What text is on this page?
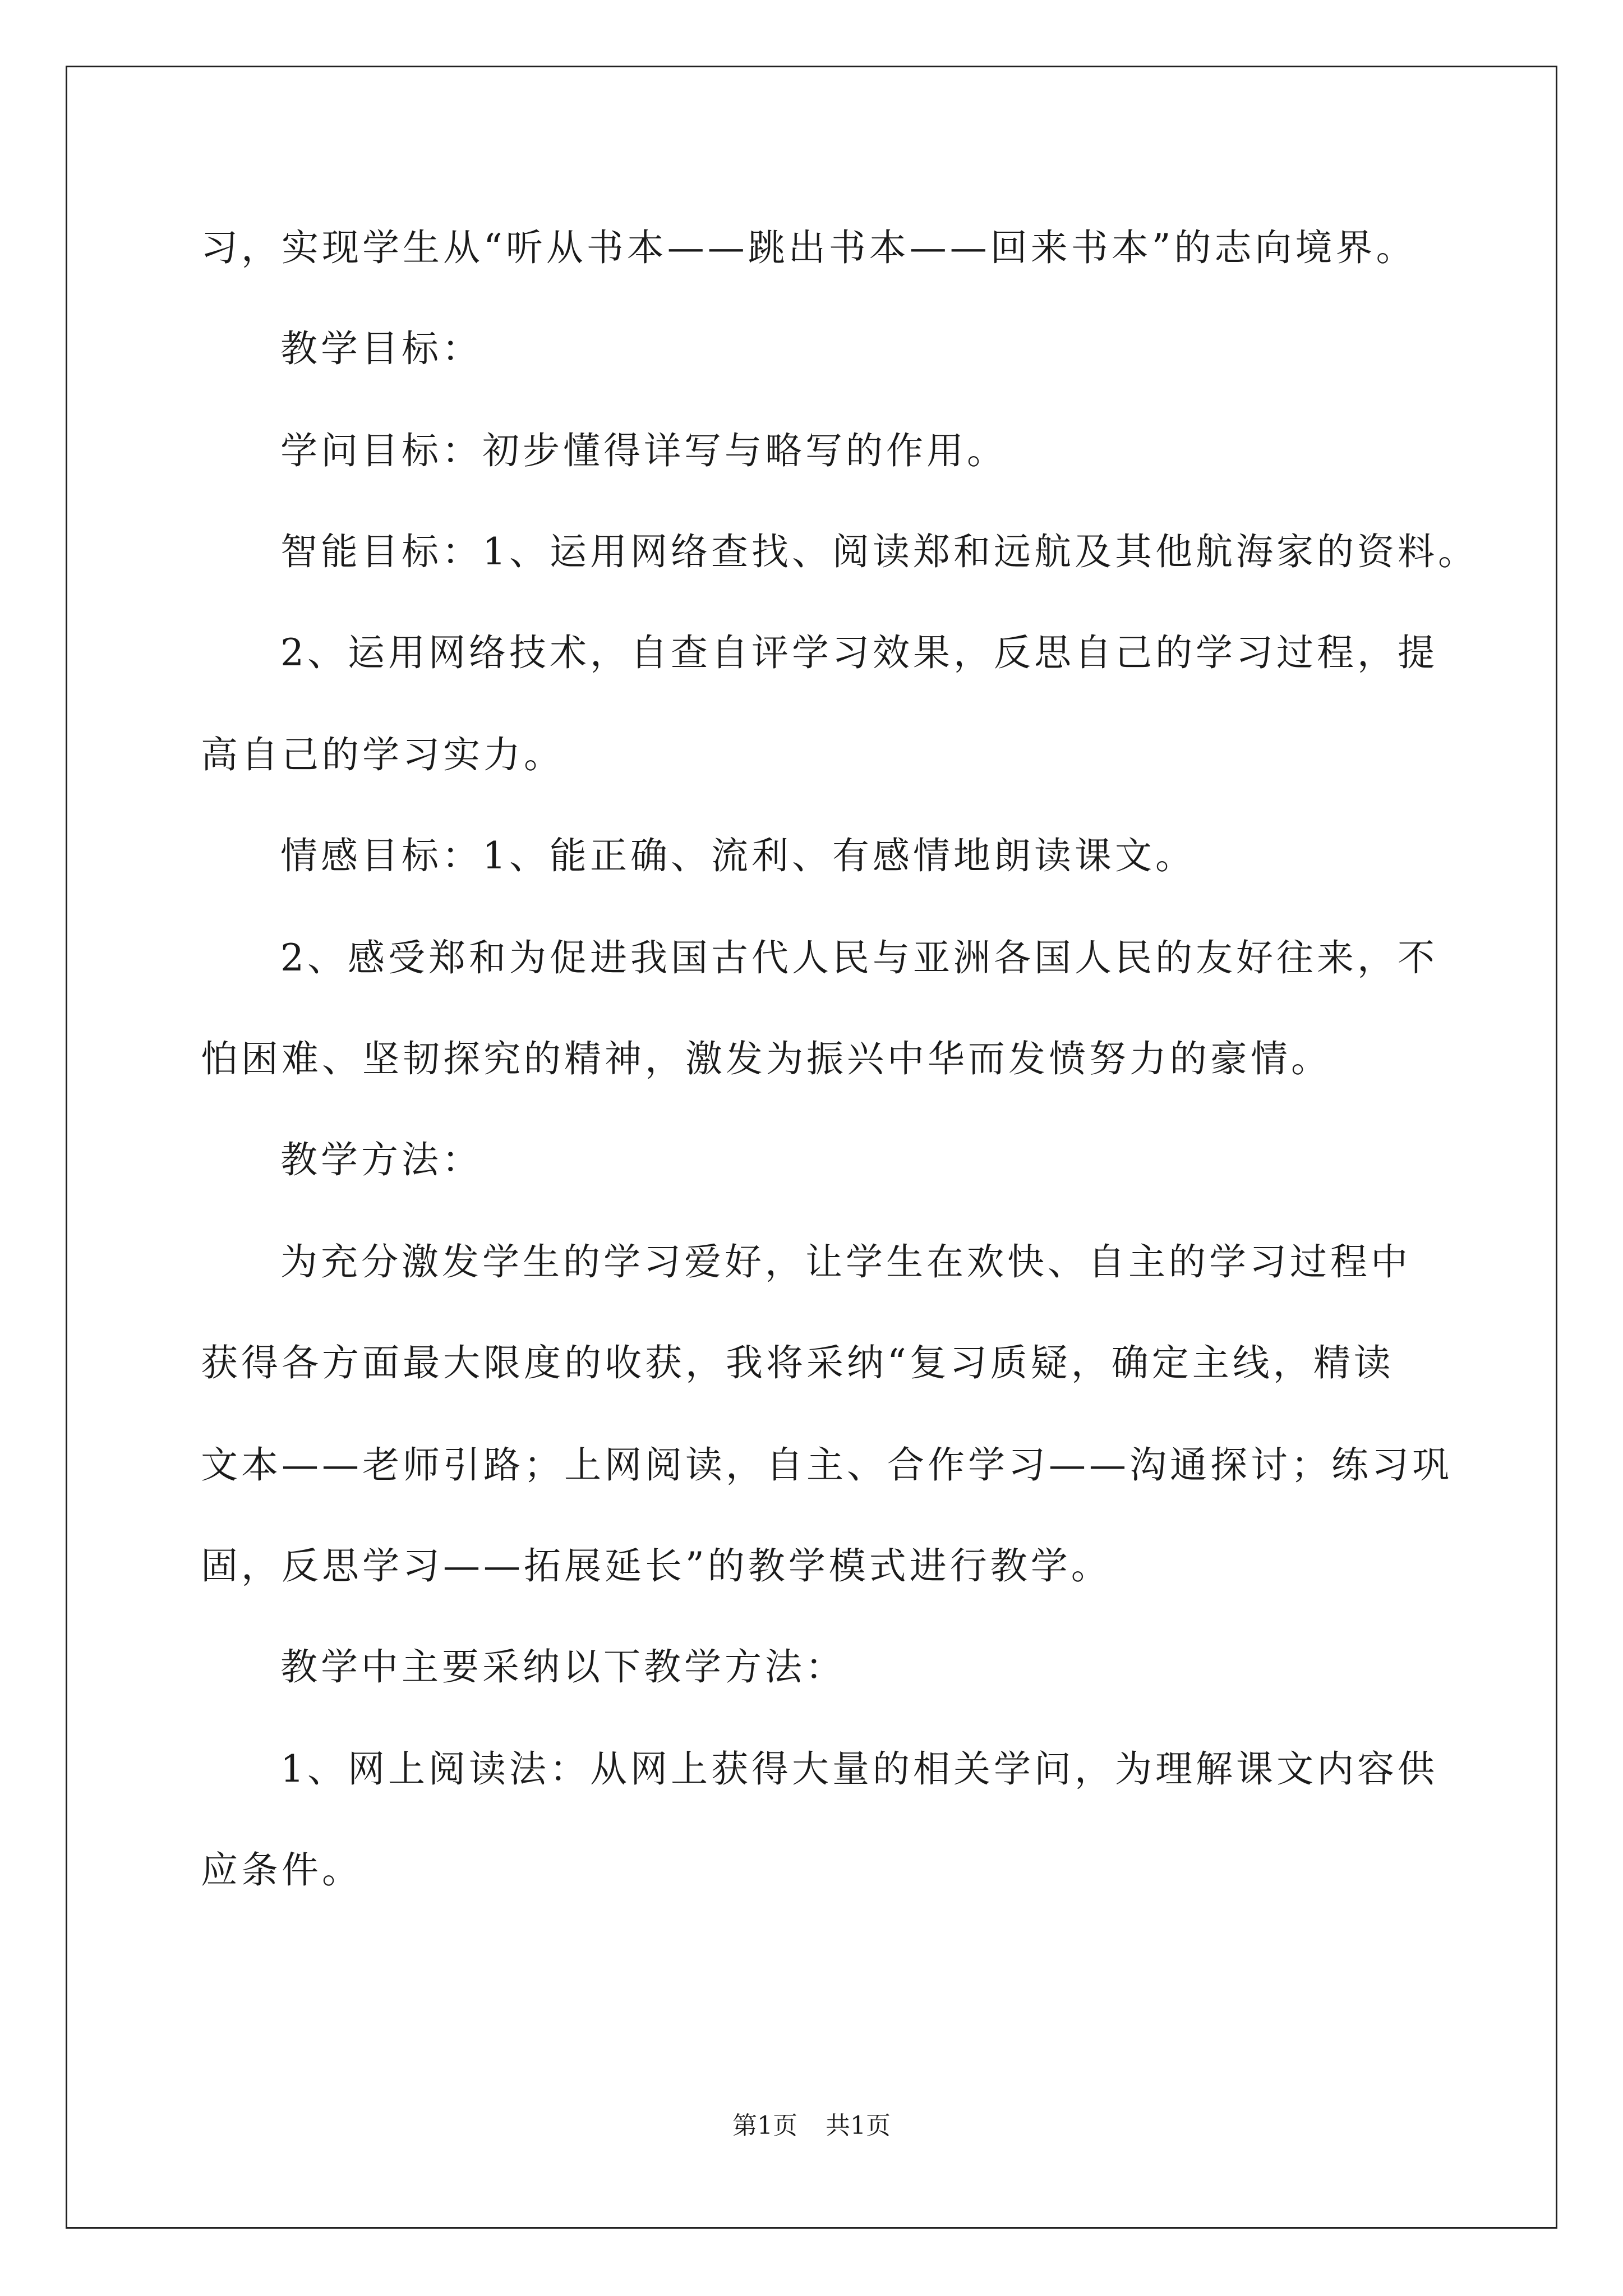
习，实现学生从“听从书本——跳出书本——回来书本”的志向境界。
教学目标：
学问目标：初步懂得详写与略写的作用。
智能目标：1、运用网络查找、阅读郑和远航及其他航海家的资料。
2、运用网络技术，自查自评学习效果，反思自己的学习过程，提
高自己的学习实力。
情感目标：1、能正确、流利、有感情地朗读课文。
2、感受郑和为促进我国古代人民与亚洲各国人民的友好往来，不
怕困难、坚韧探究的精神，激发为振兴中华而发愤努力的豪情。
教学方法：
为充分激发学生的学习爱好，让学生在欢快、自主的学习过程中
获得各方面最大限度的收获，我将采纳“复习质疑，确定主线，精读
文本——老师引路；上网阅读，自主、合作学习——沟通探讨；练习巩
固，反思学习——拓展延长”的教学模式进行教学。
教学中主要采纳以下教学方法：
1、网上阅读法：从网上获得大量的相关学问，为理解课文内容供
应条件。
第1页 共1页
